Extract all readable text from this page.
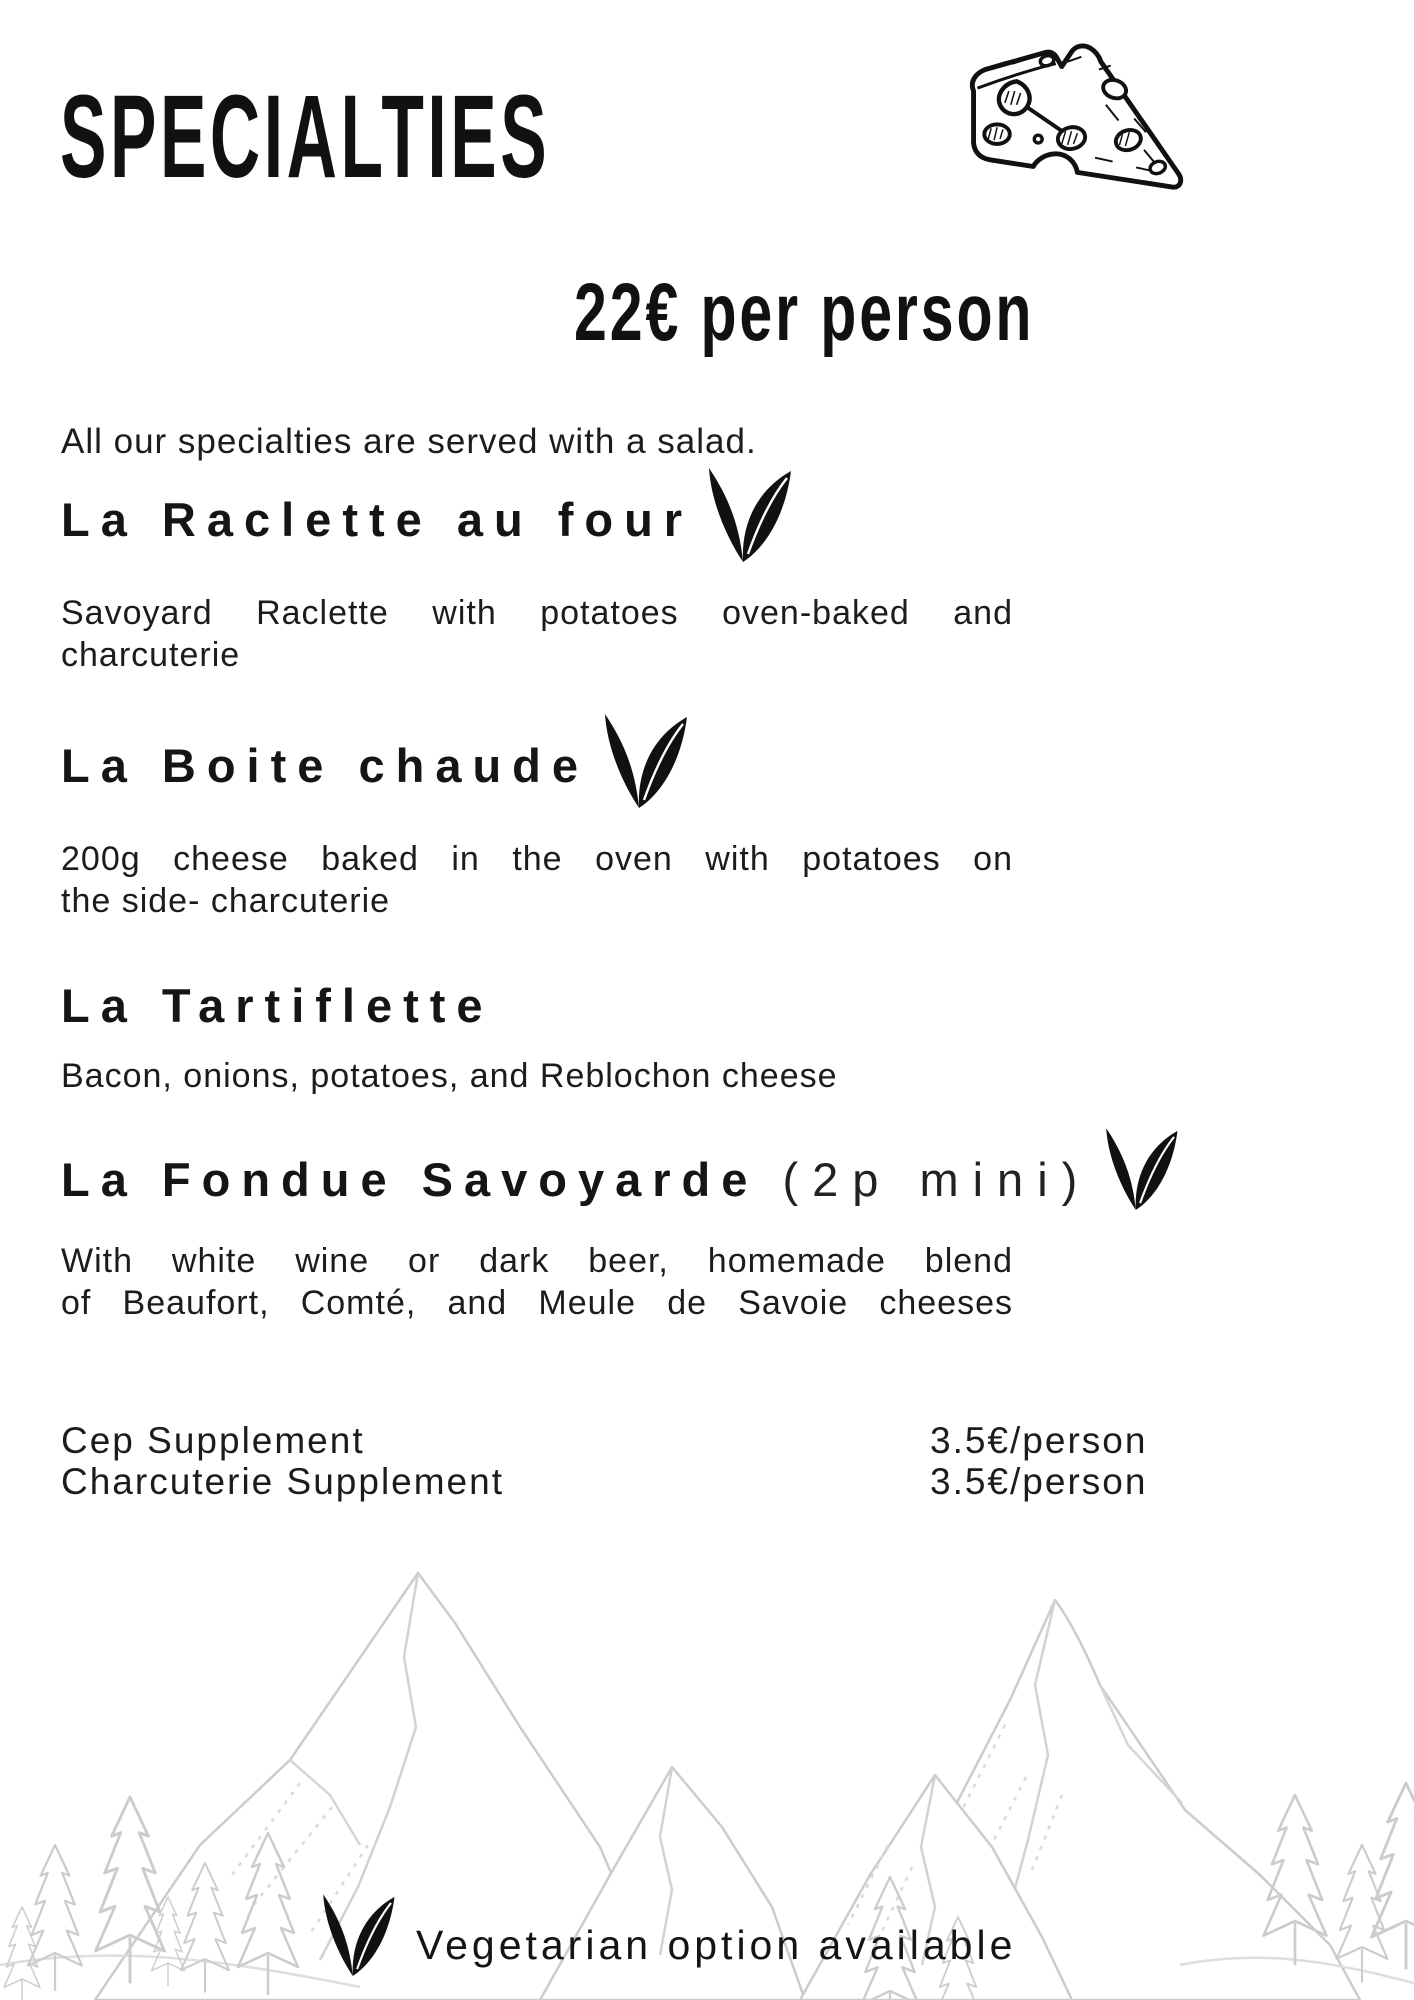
SPECIALTIES
22€ per person
All our specialties are served with a salad.
La Raclette au four
Savoyard Raclette with potatoes oven-baked and
charcuterie
La Boite chaude
200g cheese baked in the oven with potatoes on
the side- charcuterie
La Tartiflette
Bacon, onions, potatoes, and Reblochon cheese
La Fondue Savoyarde (2p mini)
With white wine or dark beer, homemade blend
of Beaufort, Comté, and Meule de Savoie cheeses
Cep Supplement	3.5€/person
Charcuterie Supplement	3.5€/person
Vegetarian option available
